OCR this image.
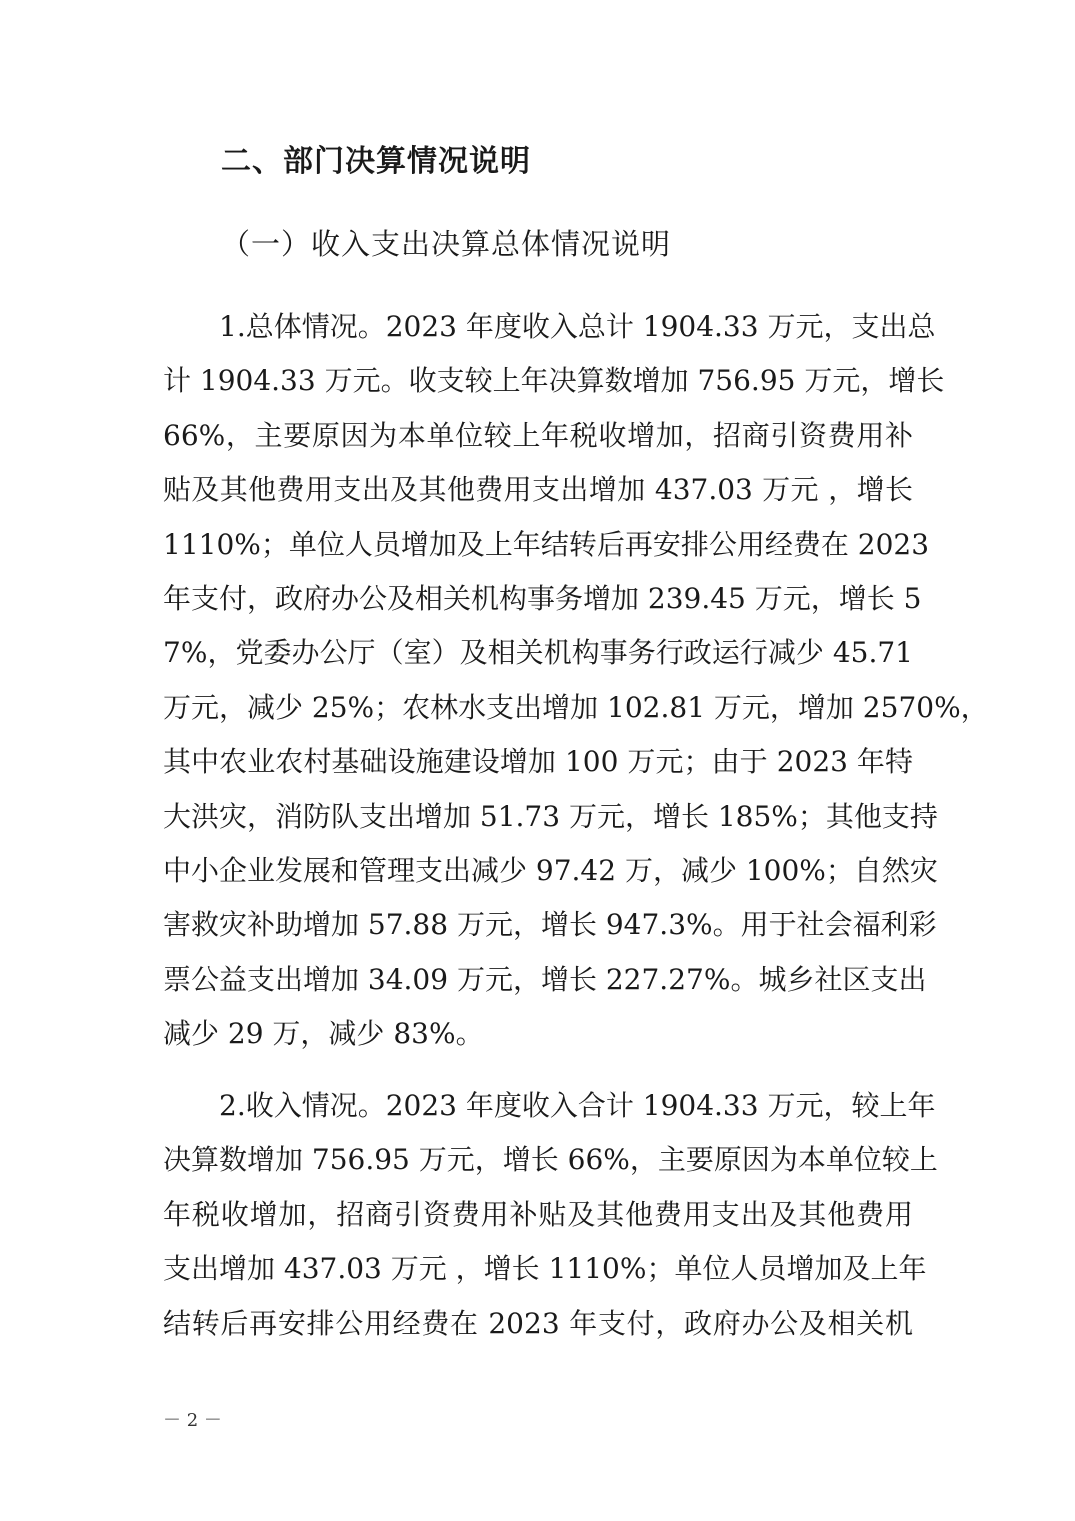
二、部门决算情况说明
（一）收入支出决算总体情况说明
1.总体情况。2023 年度收入总计 1904.33 万元，支出总
计 1904.33 万元。收支较上年决算数增加 756.95 万元，增长
66%，主要原因为本单位较上年税收增加，招商引资费用补
贴及其他费用支出及其他费用支出增加 437.03 万元 ，增长
1110%；单位人员增加及上年结转后再安排公用经费在 2023
年支付，政府办公及相关机构事务增加 239.45 万元，增长 5
7%，党委办公厅（室）及相关机构事务行政运行减少 45.71
万元，减少 25%；农林水支出增加 102.81 万元，增加 2570%，
其中农业农村基础设施建设增加 100 万元；由于 2023 年特
大洪灾，消防队支出增加 51.73 万元，增长 185%；其他支持
中小企业发展和管理支出减少 97.42 万，减少 100%；自然灾
害救灾补助增加 57.88 万元，增长 947.3%。用于社会福利彩
票公益支出增加 34.09 万元，增长 227.27%。城乡社区支出
减少 29 万，减少 83%。
2.收入情况。2023 年度收入合计 1904.33 万元，较上年
决算数增加 756.95 万元，增长 66%，主要原因为本单位较上
年税收增加，招商引资费用补贴及其他费用支出及其他费用
支出增加 437.03 万元 ，增长 1110%；单位人员增加及上年
结转后再安排公用经费在 2023 年支付，政府办公及相关机
－ 2 －
